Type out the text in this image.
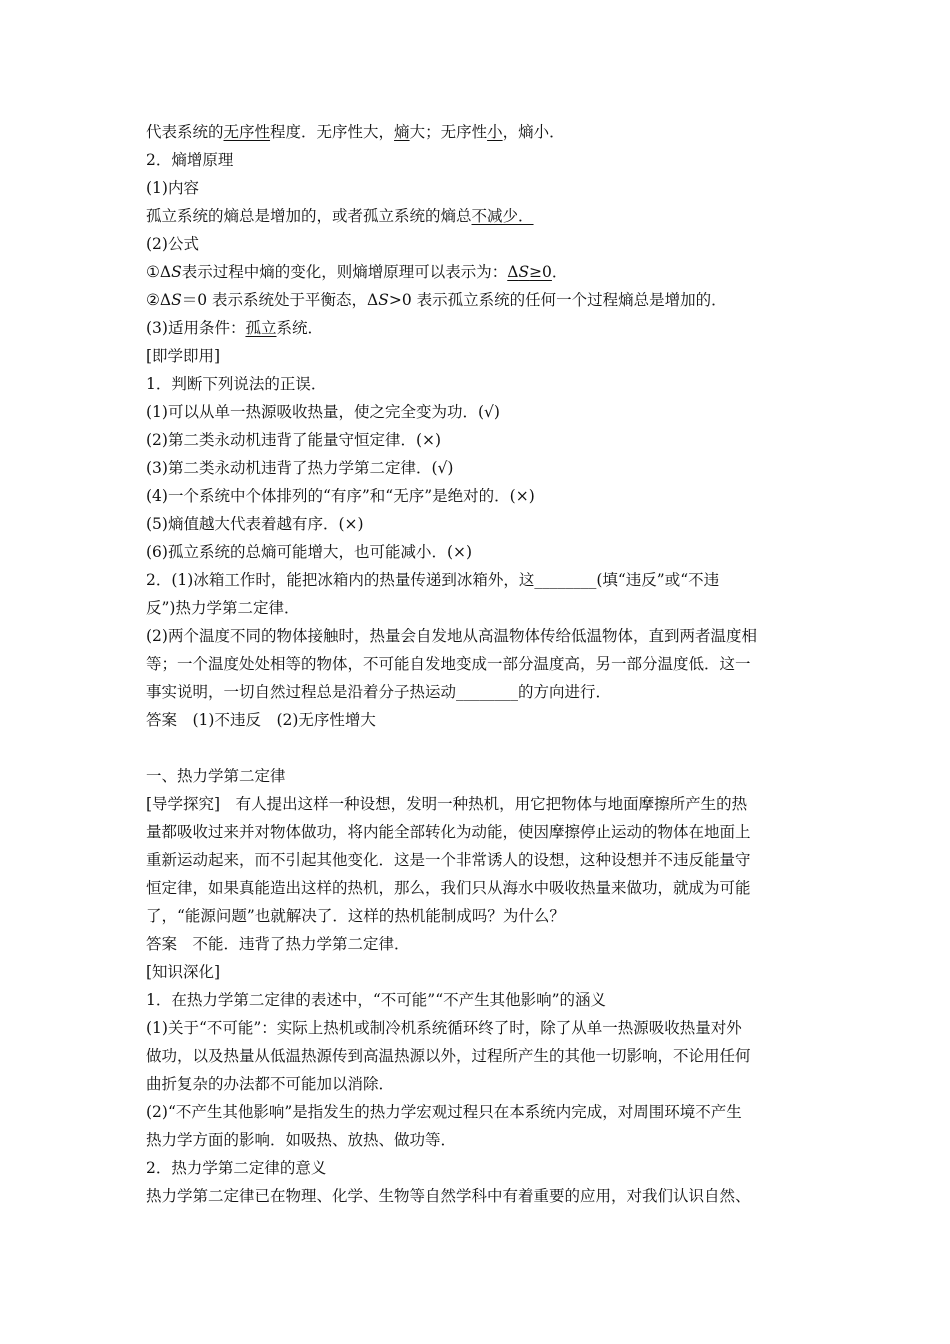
代表系统的无序性程度．无序性大，熵大；无序性小，熵小．
2．熵增原理
(1)内容
孤立系统的熵总是增加的，或者孤立系统的熵总不减少．
(2)公式
①ΔS表示过程中熵的变化，则熵增原理可以表示为：ΔS≥0．
②ΔS＝0 表示系统处于平衡态，ΔS>0 表示孤立系统的任何一个过程熵总是增加的．
(3)适用条件：孤立系统．
[即学即用]
1．判断下列说法的正误．
(1)可以从单一热源吸收热量，使之完全变为功．(√)
(2)第二类永动机违背了能量守恒定律．(×)
(3)第二类永动机违背了热力学第二定律．(√)
(4)一个系统中个体排列的“有序”和“无序”是绝对的．(×)
(5)熵值越大代表着越有序．(×)
(6)孤立系统的总熵可能增大，也可能减小．(×)
2．(1)冰箱工作时，能把冰箱内的热量传递到冰箱外，这________(填“违反”或“不违
反”)热力学第二定律．
(2)两个温度不同的物体接触时，热量会自发地从高温物体传给低温物体，直到两者温度相
等；一个温度处处相等的物体，不可能自发地变成一部分温度高，另一部分温度低．这一
事实说明，一切自然过程总是沿着分子热运动________的方向进行．
答案　(1)不违反　(2)无序性增大
一、热力学第二定律
[导学探究]　有人提出这样一种设想，发明一种热机，用它把物体与地面摩擦所产生的热
量都吸收过来并对物体做功，将内能全部转化为动能，使因摩擦停止运动的物体在地面上
重新运动起来，而不引起其他变化．这是一个非常诱人的设想，这种设想并不违反能量守
恒定律，如果真能造出这样的热机，那么，我们只从海水中吸收热量来做功，就成为可能
了，“能源问题”也就解决了．这样的热机能制成吗？为什么？
答案　不能．违背了热力学第二定律．
[知识深化]
1．在热力学第二定律的表述中，“不可能”“不产生其他影响”的涵义
(1)关于“不可能”：实际上热机或制冷机系统循环终了时，除了从单一热源吸收热量对外
做功，以及热量从低温热源传到高温热源以外，过程所产生的其他一切影响，不论用任何
曲折复杂的办法都不可能加以消除．
(2)“不产生其他影响”是指发生的热力学宏观过程只在本系统内完成，对周围环境不产生
热力学方面的影响．如吸热、放热、做功等．
2．热力学第二定律的意义
热力学第二定律已在物理、化学、生物等自然学科中有着重要的应用，对我们认识自然、
